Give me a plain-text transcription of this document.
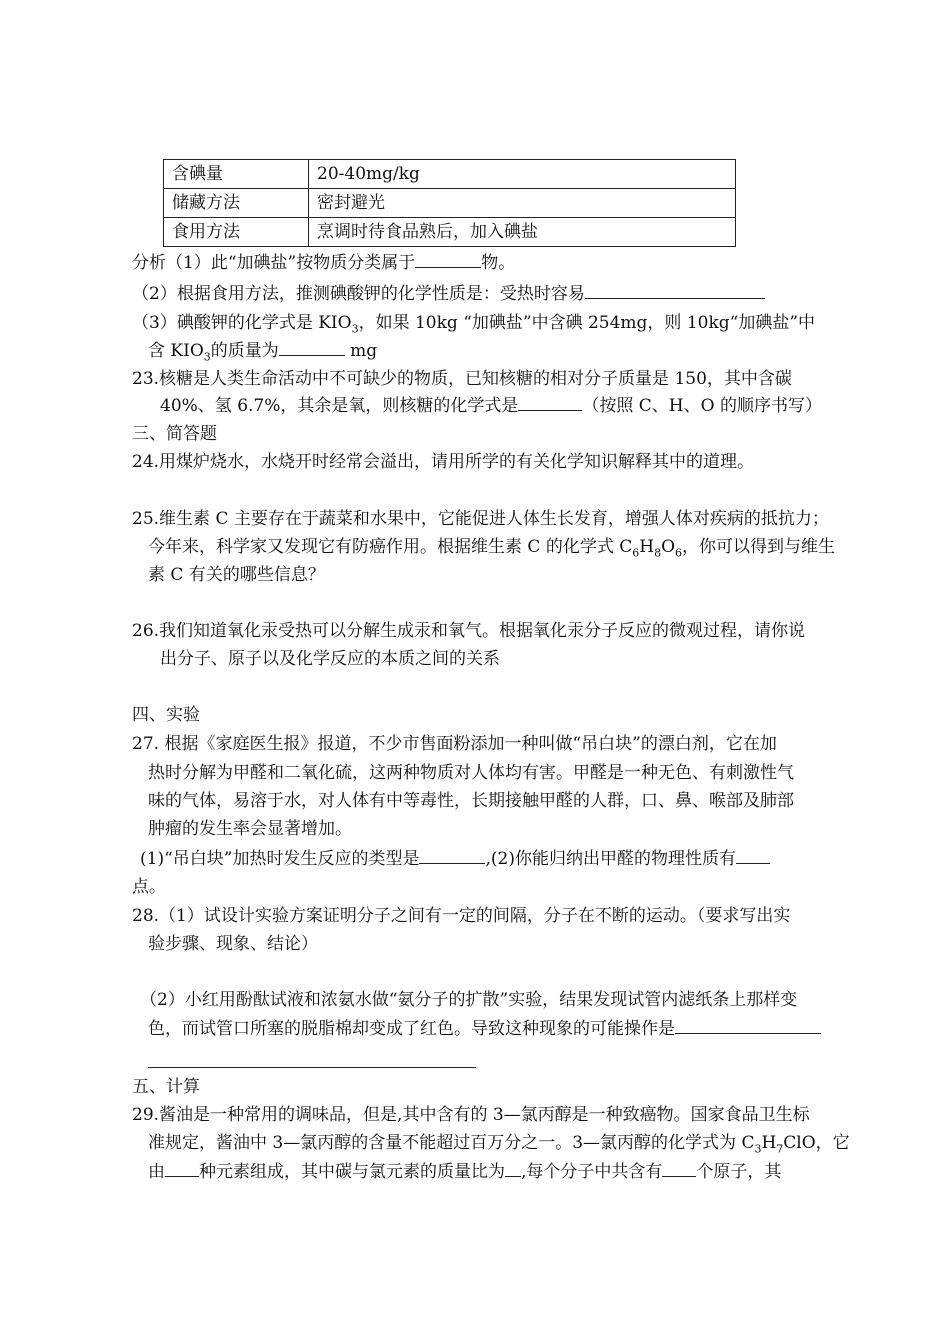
含碘量	20-40mg/kg
储藏方法	密封避光
食用方法	烹调时待食品熟后，加入碘盐
分析（1）此“加碘盐”按物质分类属于	物。
（2）根据食用方法，推测碘酸钾的化学性质是：受热时容易
（3）碘酸钾的化学式是 $KIO_3$，如果 10kg “加碘盐”中含碘 254mg，则 10kg“加碘盐”中
含 $KIO_3$的质量为	mg
23.核糖是人类生命活动中不可缺少的物质，已知核糖的相对分子质量是 150，其中含碳
40%、氢 6.7%，其余是氧，则核糖的化学式是	（按照 C、H、O 的顺序书写）
三、简答题
24.用煤炉烧水，水烧开时经常会溢出，请用所学的有关化学知识解释其中的道理。
25.维生素 C 主要存在于蔬菜和水果中，它能促进人体生长发育，增强人体对疾病的抵抗力；
今年来，科学家又发现它有防癌作用。根据维生素 C 的化学式 $C_6H_8O_6$，你可以得到与维生
素 C 有关的哪些信息？
26.我们知道氧化汞受热可以分解生成汞和氧气。根据氧化汞分子反应的微观过程，请你说
出分子、原子以及化学反应的本质之间的关系
四、实验
27. 根据《家庭医生报》报道，不少市售面粉添加一种叫做“吊白块”的漂白剂，它在加
热时分解为甲醛和二氧化硫，这两种物质对人体均有害。甲醛是一种无色、有刺激性气
味的气体，易溶于水，对人体有中等毒性，长期接触甲醛的人群，口、鼻、喉部及肺部
肿瘤的发生率会显著增加。
(1)“吊白块”加热时发生反应的类型是	,(2)你能归纳出甲醛的物理性质有
点。
28.（1）试设计实验方案证明分子之间有一定的间隔，分子在不断的运动。（要求写出实
验步骤、现象、结论）
（2）小红用酚酞试液和浓氨水做“氨分子的扩散”实验，结果发现试管内滤纸条上那样变
色，而试管口所塞的脱脂棉却变成了红色。导致这种现象的可能操作是
五、计算
29.酱油是一种常用的调味品，但是,其中含有的 3—氯丙醇是一种致癌物。国家食品卫生标
准规定，酱油中 3—氯丙醇的含量不能超过百万分之一。3—氯丙醇的化学式为 $C_3H_7ClO$，它
由 种元素组成，其中碳与氯元素的质量比为 ,每个分子中共含有 个原子，其
